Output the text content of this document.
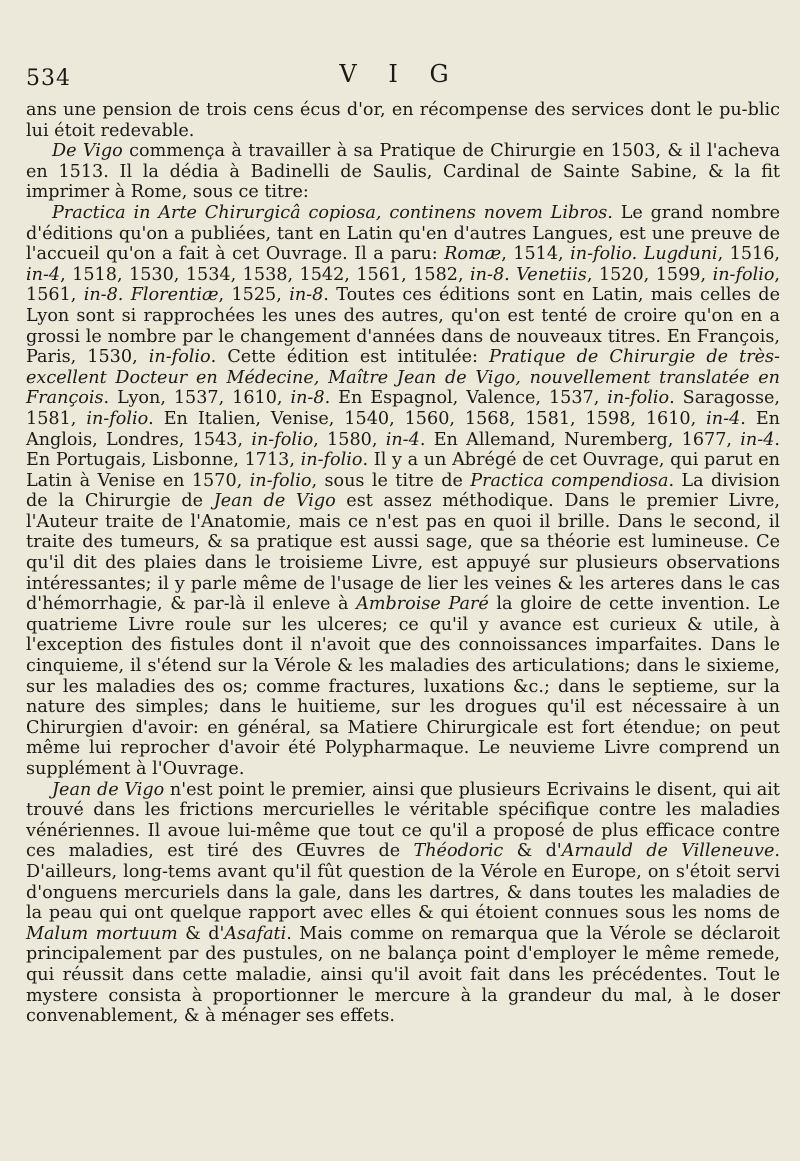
534	V I G

ans une pension de trois cens écus d'or, en récompense des services dont le pu-blic lui étoit redevable.

De Vigo commença à travailler à sa Pratique de Chirurgie en 1503, & il l'acheva en 1513. Il la dédia à Badinelli de Saulis, Cardinal de Sainte Sabine, & la fit imprimer à Rome, sous ce titre:

Practica in Arte Chirurgicâ copiosa, continens novem Libros. Le grand nombre d'éditions qu'on a publiées, tant en Latin qu'en d'autres Langues, est une preuve de l'accueil qu'on a fait à cet Ouvrage. Il a paru: Romæ, 1514, in-folio. Lugduni, 1516, in-4, 1518, 1530, 1534, 1538, 1542, 1561, 1582, in-8. Venetiis, 1520, 1599, in-folio, 1561, in-8. Florentiæ, 1525, in-8. Toutes ces éditions sont en Latin, mais celles de Lyon sont si rapprochées les unes des autres, qu'on est tenté de croire qu'on en a grossi le nombre par le changement d'années dans de nouveaux titres. En François, Paris, 1530, in-folio. Cette édition est intitulée: Pratique de Chirurgie de très-excellent Docteur en Médecine, Maître Jean de Vigo, nouvellement translatée en François. Lyon, 1537, 1610, in-8. En Espagnol, Valence, 1537, in-folio. Saragosse, 1581, in-folio. En Italien, Venise, 1540, 1560, 1568, 1581, 1598, 1610, in-4. En Anglois, Londres, 1543, in-folio, 1580, in-4. En Allemand, Nuremberg, 1677, in-4. En Portugais, Lisbonne, 1713, in-folio. Il y a un Abrégé de cet Ouvrage, qui parut en Latin à Venise en 1570, in-folio, sous le titre de Practica compendiosa. La division de la Chirurgie de Jean de Vigo est assez méthodique. Dans le premier Livre, l'Auteur traite de l'Anatomie, mais ce n'est pas en quoi il brille. Dans le second, il traite des tumeurs, & sa pratique est aussi sage, que sa théorie est lumineuse. Ce qu'il dit des plaies dans le troisieme Livre, est appuyé sur plusieurs observations intéressantes; il y parle même de l'usage de lier les veines & les arteres dans le cas d'hémorrhagie, & par-là il enleve à Ambroise Paré la gloire de cette invention. Le quatrieme Livre roule sur les ulceres; ce qu'il y avance est curieux & utile, à l'exception des fistules dont il n'avoit que des connoissances imparfaites. Dans le cinquieme, il s'étend sur la Vérole & les maladies des articulations; dans le sixieme, sur les maladies des os; comme fractures, luxations &c.; dans le septieme, sur la nature des simples; dans le huitieme, sur les drogues qu'il est nécessaire à un Chirurgien d'avoir: en général, sa Matiere Chirurgicale est fort étendue; on peut même lui reprocher d'avoir été Polypharmaque. Le neuvieme Livre comprend un supplément à l'Ouvrage.

Jean de Vigo n'est point le premier, ainsi que plusieurs Ecrivains le disent, qui ait trouvé dans les frictions mercurielles le véritable spécifique contre les maladies vénériennes. Il avoue lui-même que tout ce qu'il a proposé de plus efficace contre ces maladies, est tiré des Œuvres de Théodoric & d'Arnauld de Villeneuve. D'ailleurs, long-tems avant qu'il fût question de la Vérole en Europe, on s'étoit servi d'onguens mercuriels dans la gale, dans les dartres, & dans toutes les maladies de la peau qui ont quelque rapport avec elles & qui étoient connues sous les noms de Malum mortuum & d'Asafati. Mais comme on remarqua que la Vérole se déclaroit principalement par des pustules, on ne balança point d'employer le même remede, qui réussit dans cette maladie, ainsi qu'il avoit fait dans les précédentes. Tout le mystere consista à proportionner le mercure à la grandeur du mal, à le doser convenablement, & à ménager ses effets.
